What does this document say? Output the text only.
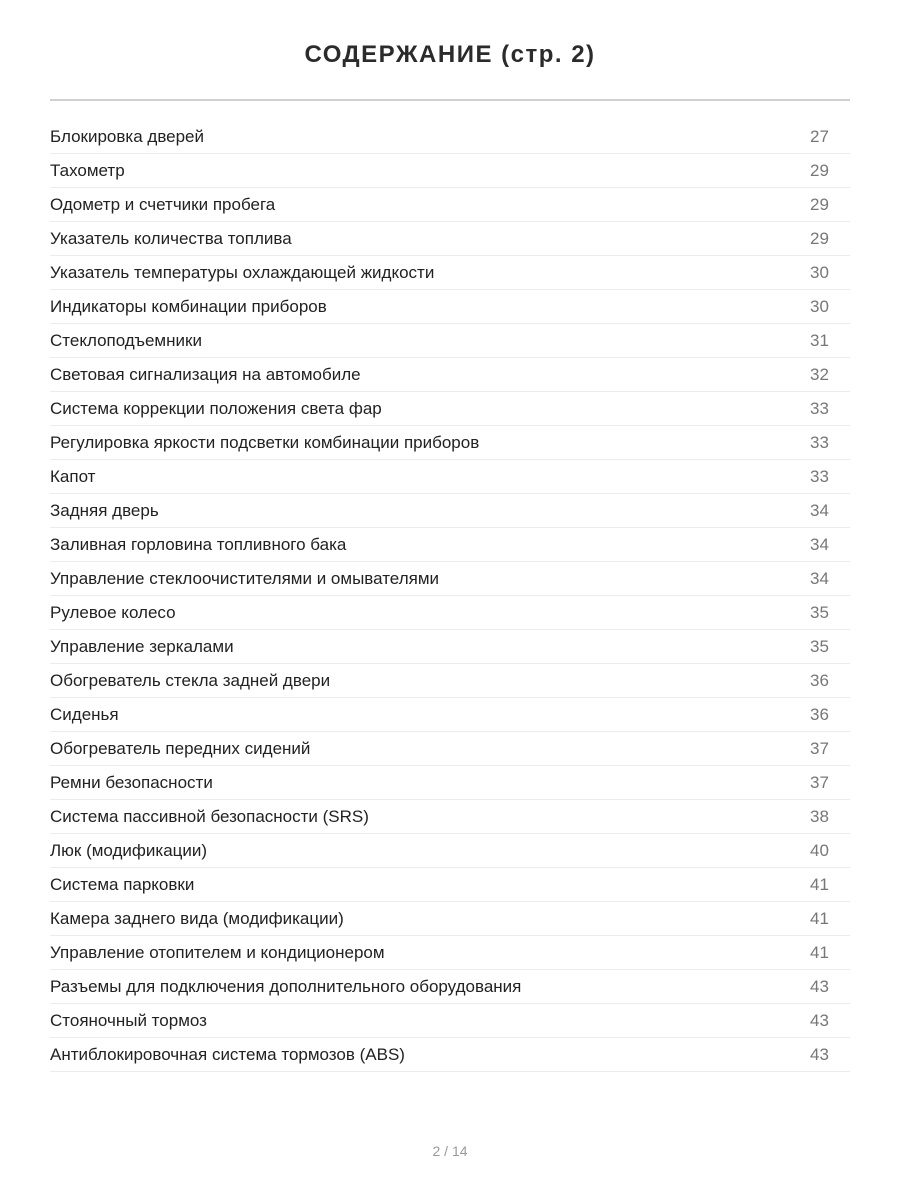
СОДЕРЖАНИЕ (стр. 2)
Блокировка дверей	27
Тахометр	29
Одометр и счетчики пробега	29
Указатель количества топлива	29
Указатель температуры охлаждающей жидкости	30
Индикаторы комбинации приборов	30
Стеклоподъемники	31
Световая сигнализация на автомобиле	32
Система коррекции положения света фар	33
Регулировка яркости подсветки комбинации приборов	33
Капот	33
Задняя дверь	34
Заливная горловина топливного бака	34
Управление стеклоочистителями и омывателями	34
Рулевое колесо	35
Управление зеркалами	35
Обогреватель стекла задней двери	36
Сиденья	36
Обогреватель передних сидений	37
Ремни безопасности	37
Система пассивной безопасности (SRS)	38
Люк (модификации)	40
Система парковки	41
Камера заднего вида (модификации)	41
Управление отопителем и кондиционером	41
Разъемы для подключения дополнительного оборудования	43
Стояночный тормоз	43
Антиблокировочная система тормозов (ABS)	43
2 / 14
